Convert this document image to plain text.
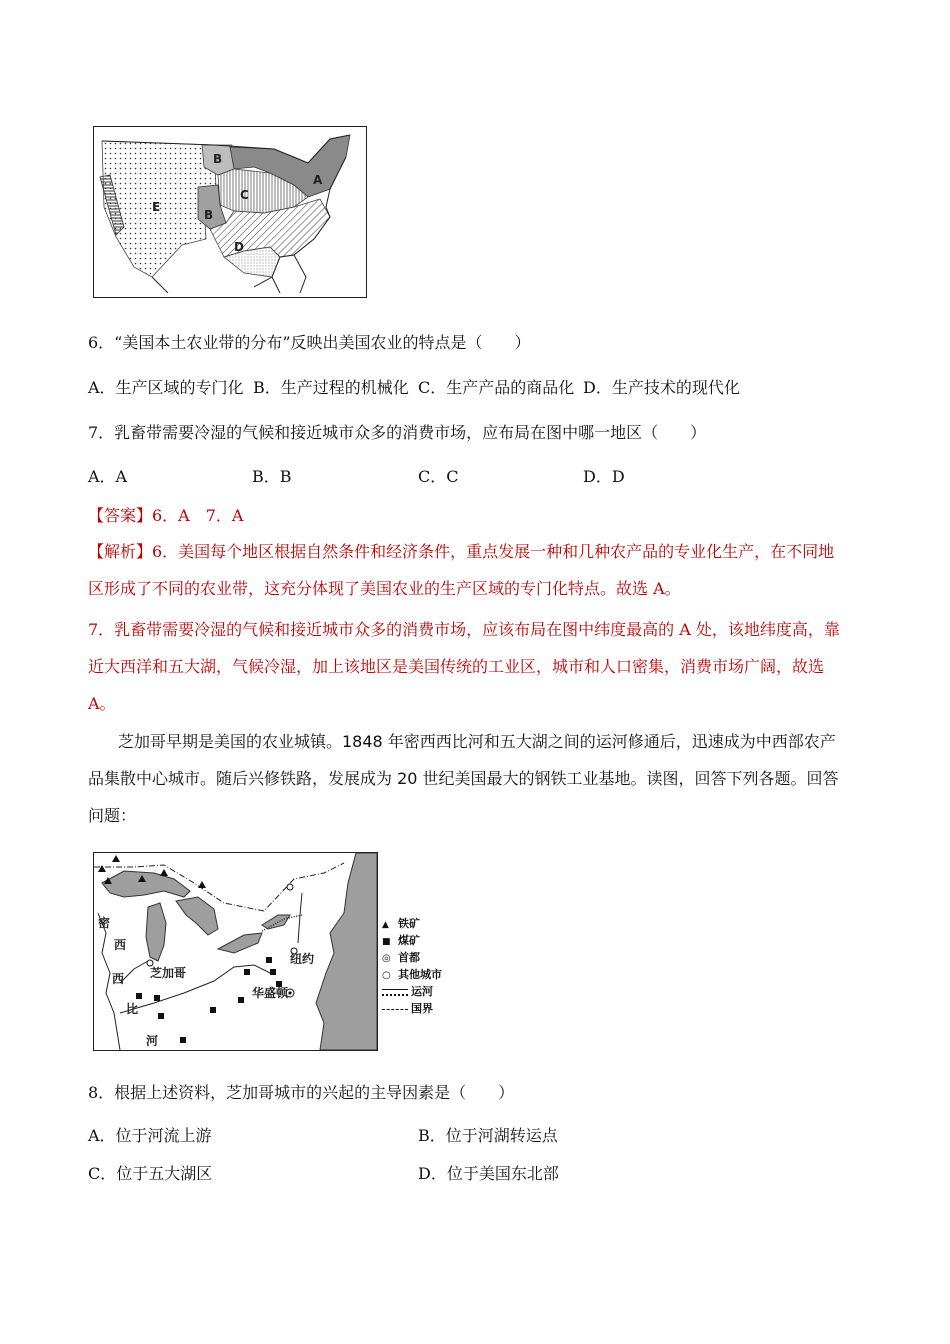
A
B
C
B
E
D
6．“美国本土农业带的分布”反映出美国农业的特点是（　　）
A．生产区域的专门化 B．生产过程的机械化 C．生产产品的商品化 D．生产技术的现代化
7．乳畜带需要冷湿的气候和接近城市众多的消费市场，应布局在图中哪一地区（　　）
A．A	B．B	C．C	D．D
【答案】6．A　7．A
【解析】6．美国每个地区根据自然条件和经济条件，重点发展一种和几种农产品的专业化生产，在不同地
区形成了不同的农业带，这充分体现了美国农业的生产区域的专门化特点。故选 A。
7．乳畜带需要冷湿的气候和接近城市众多的消费市场，应该布局在图中纬度最高的 A 处，该地纬度高，靠
近大西洋和五大湖，气候冷湿，加上该地区是美国传统的工业区，城市和人口密集，消费市场广阔，故选
A。
芝加哥早期是美国的农业城镇。1848 年密西西比河和五大湖之间的运河修通后，迅速成为中西部农产
品集散中心城市。随后兴修铁路，发展成为 20 世纪美国最大的钢铁工业基地。读图，回答下列各题。回答
问题：
密
西
西
比
河
芝加哥
纽约
华盛顿
▲ 铁矿
■ 煤矿
◎ 首都
○ 其他城市
运河
国界
8．根据上述资料，芝加哥城市的兴起的主导因素是（　　）
A．位于河流上游	B．位于河湖转运点
C．位于五大湖区	D．位于美国东北部
